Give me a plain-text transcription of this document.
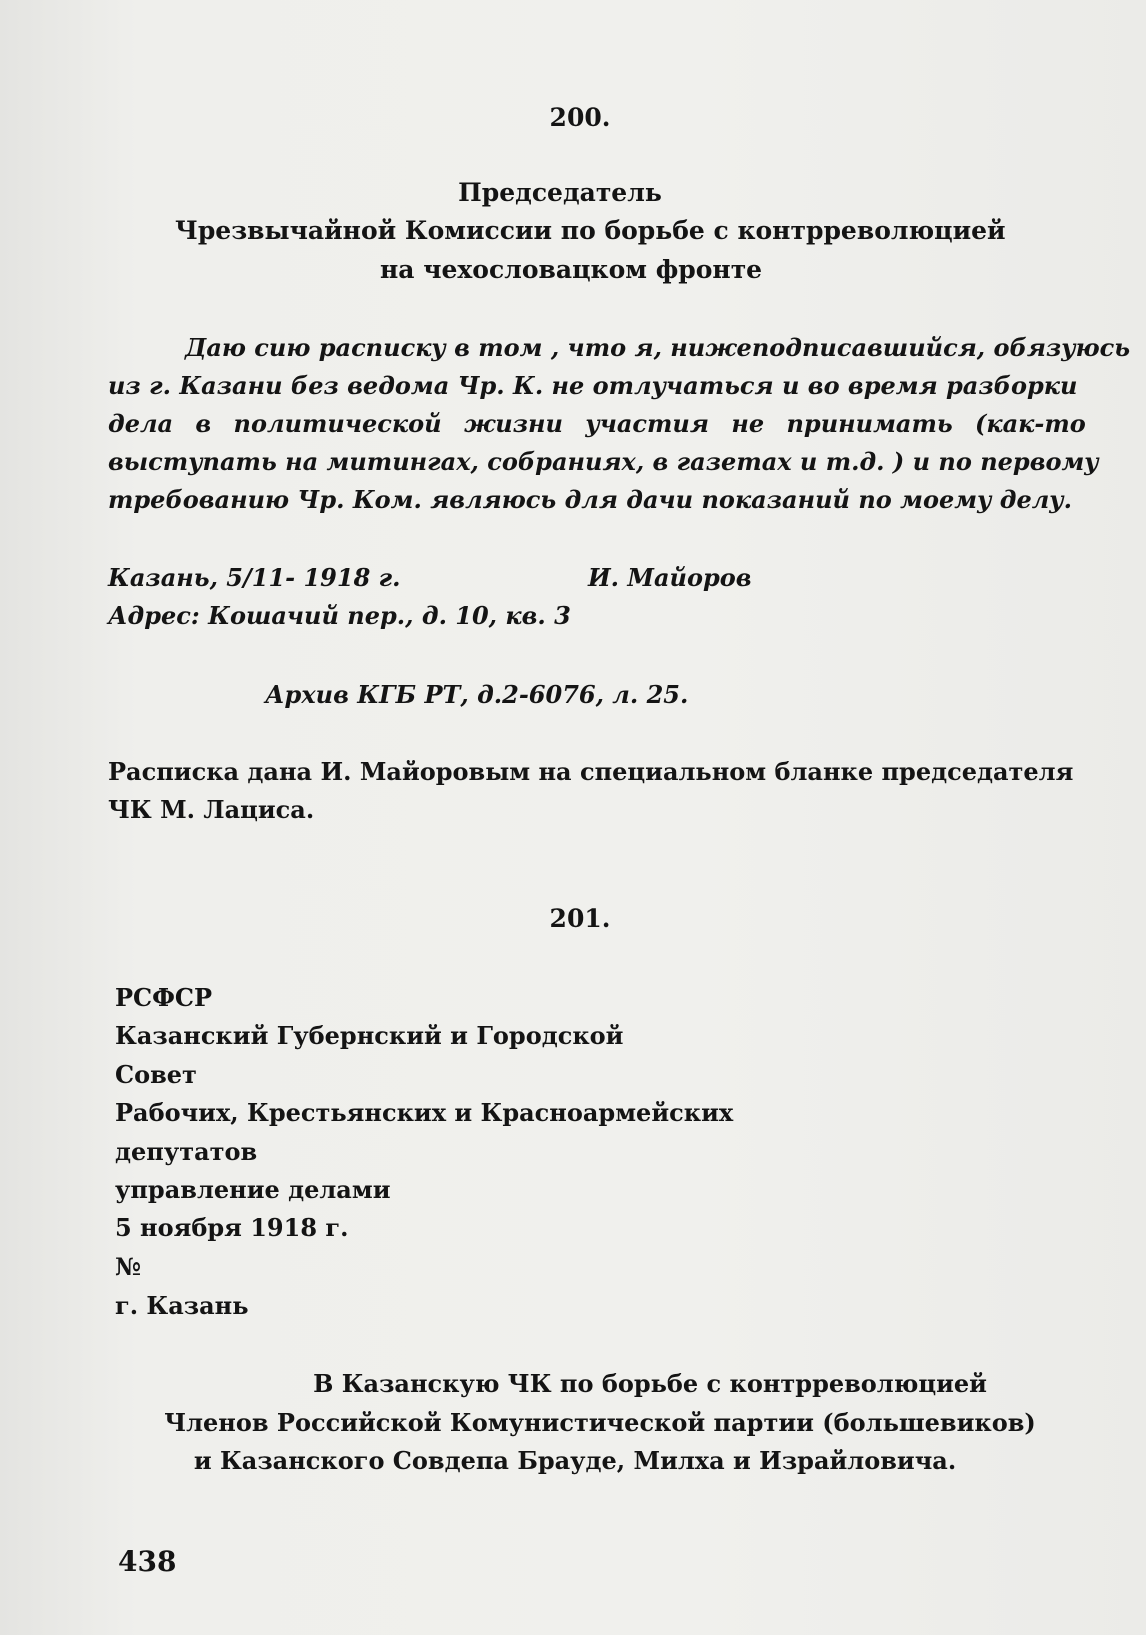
200.
Председатель
Чрезвычайной Комиссии по борьбе с контрреволюцией
на чехословацком фронте
Даю сию расписку в том , что я, нижеподписавшийся, обязуюсь
из г. Казани без ведома Чр. К. не отлучаться и во время разборки
дела в политической жизни участия не принимать (как-то
выступать на митингах, собраниях, в газетах и т.д. ) и по первому
требованию Чр. Ком. являюсь для дачи показаний по моему делу.
Казань, 5/11- 1918 г.	И. Майоров
Адрес: Кошачий пер., д. 10, кв. 3
Архив КГБ РТ, д.2-6076, л. 25.
Расписка дана И. Майоровым на специальном бланке председателя
ЧК М. Лациса.
201.
РСФСР
Казанский Губернский и Городской
Совет
Рабочих, Крестьянских и Красноармейских
депутатов
управление делами
5 ноября 1918 г.
№
г. Казань
В Казанскую ЧК по борьбе с контрреволюцией
Членов Российской Комунистической партии (большевиков)
и Казанского Совдепа Брауде, Милха и Израйловича.
438
